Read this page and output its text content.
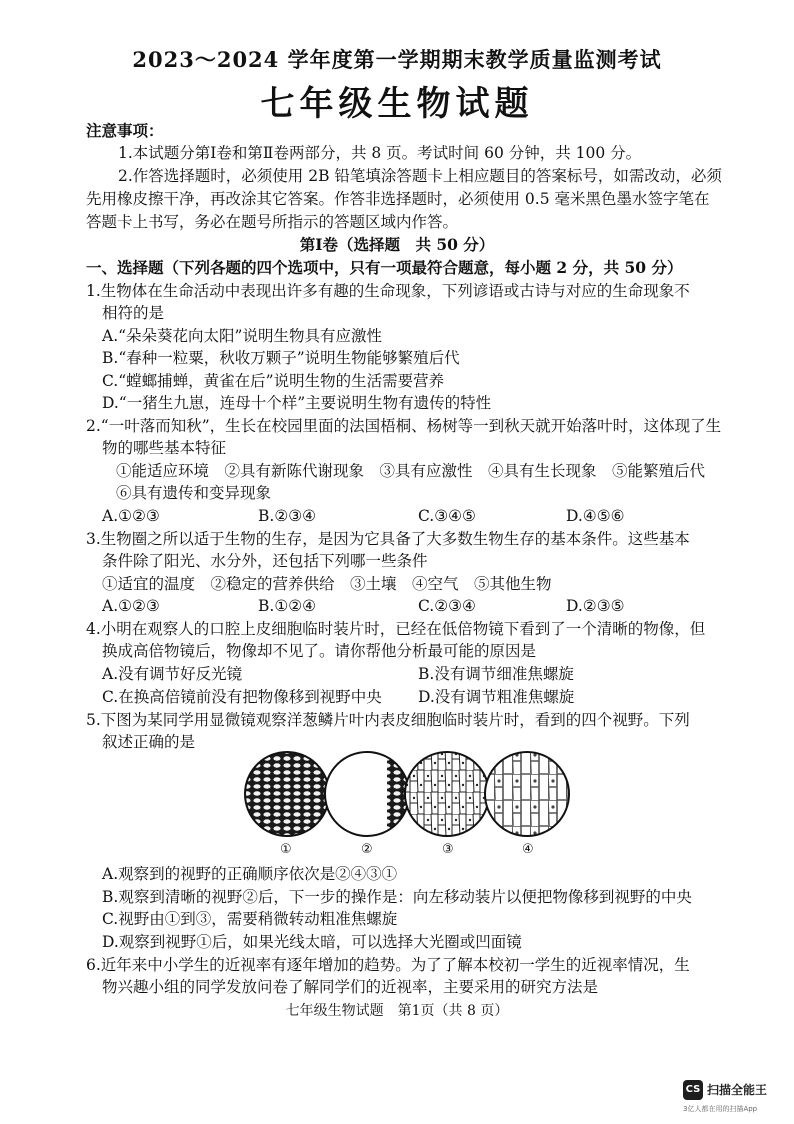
2023～2024 学年度第一学期期末教学质量监测考试
七年级生物试题
注意事项：
1.本试题分第Ⅰ卷和第Ⅱ卷两部分，共 8 页。考试时间 60 分钟，共 100 分。
2.作答选择题时，必须使用 2B 铅笔填涂答题卡上相应题目的答案标号，如需改动，必须
先用橡皮擦干净，再改涂其它答案。作答非选择题时，必须使用 0.5 毫米黑色墨水签字笔在
答题卡上书写，务必在题号所指示的答题区域内作答。
第Ⅰ卷（选择题　共 50 分）
一、选择题（下列各题的四个选项中，只有一项最符合题意，每小题 2 分，共 50 分）
1.生物体在生命活动中表现出许多有趣的生命现象，下列谚语或古诗与对应的生命现象不
相符的是
A.“朵朵葵花向太阳”说明生物具有应激性
B.“春种一粒粟，秋收万颗子”说明生物能够繁殖后代
C.“螳螂捕蝉，黄雀在后”说明生物的生活需要营养
D.“一猪生九崽，连母十个样”主要说明生物有遗传的特性
2.“一叶落而知秋”，生长在校园里面的法国梧桐、杨树等一到秋天就开始落叶时，这体现了生
物的哪些基本特征
①能适应环境　②具有新陈代谢现象　③具有应激性　④具有生长现象　⑤能繁殖后代
⑥具有遗传和变异现象
A.①②③	B.②③④	C.③④⑤	D.④⑤⑥
3.生物圈之所以适于生物的生存，是因为它具备了大多数生物生存的基本条件。这些基本
条件除了阳光、水分外，还包括下列哪一些条件
①适宜的温度　②稳定的营养供给　③土壤　④空气　⑤其他生物
A.①②③	B.①②④	C.②③④	D.②③⑤
4.小明在观察人的口腔上皮细胞临时装片时，已经在低倍物镜下看到了一个清晰的物像，但
换成高倍物镜后，物像却不见了。请你帮他分析最可能的原因是
A.没有调节好反光镜	B.没有调节细准焦螺旋
C.在换高倍镜前没有把物像移到视野中央 D.没有调节粗准焦螺旋
5.下图为某同学用显微镜观察洋葱鳞片叶内表皮细胞临时装片时，看到的四个视野。下列
叙述正确的是
①	②	③	④
A.观察到的视野的正确顺序依次是②④③①
B.观察到清晰的视野②后，下一步的操作是：向左移动装片以便把物像移到视野的中央
C.视野由①到③，需要稍微转动粗准焦螺旋
D.观察到视野①后，如果光线太暗，可以选择大光圈或凹面镜
6.近年来中小学生的近视率有逐年增加的趋势。为了了解本校初一学生的近视率情况，生
物兴趣小组的同学发放问卷了解同学们的近视率，主要采用的研究方法是
七年级生物试题　第1页（共 8 页）
CS 扫描全能王
3亿人都在用的扫描App
